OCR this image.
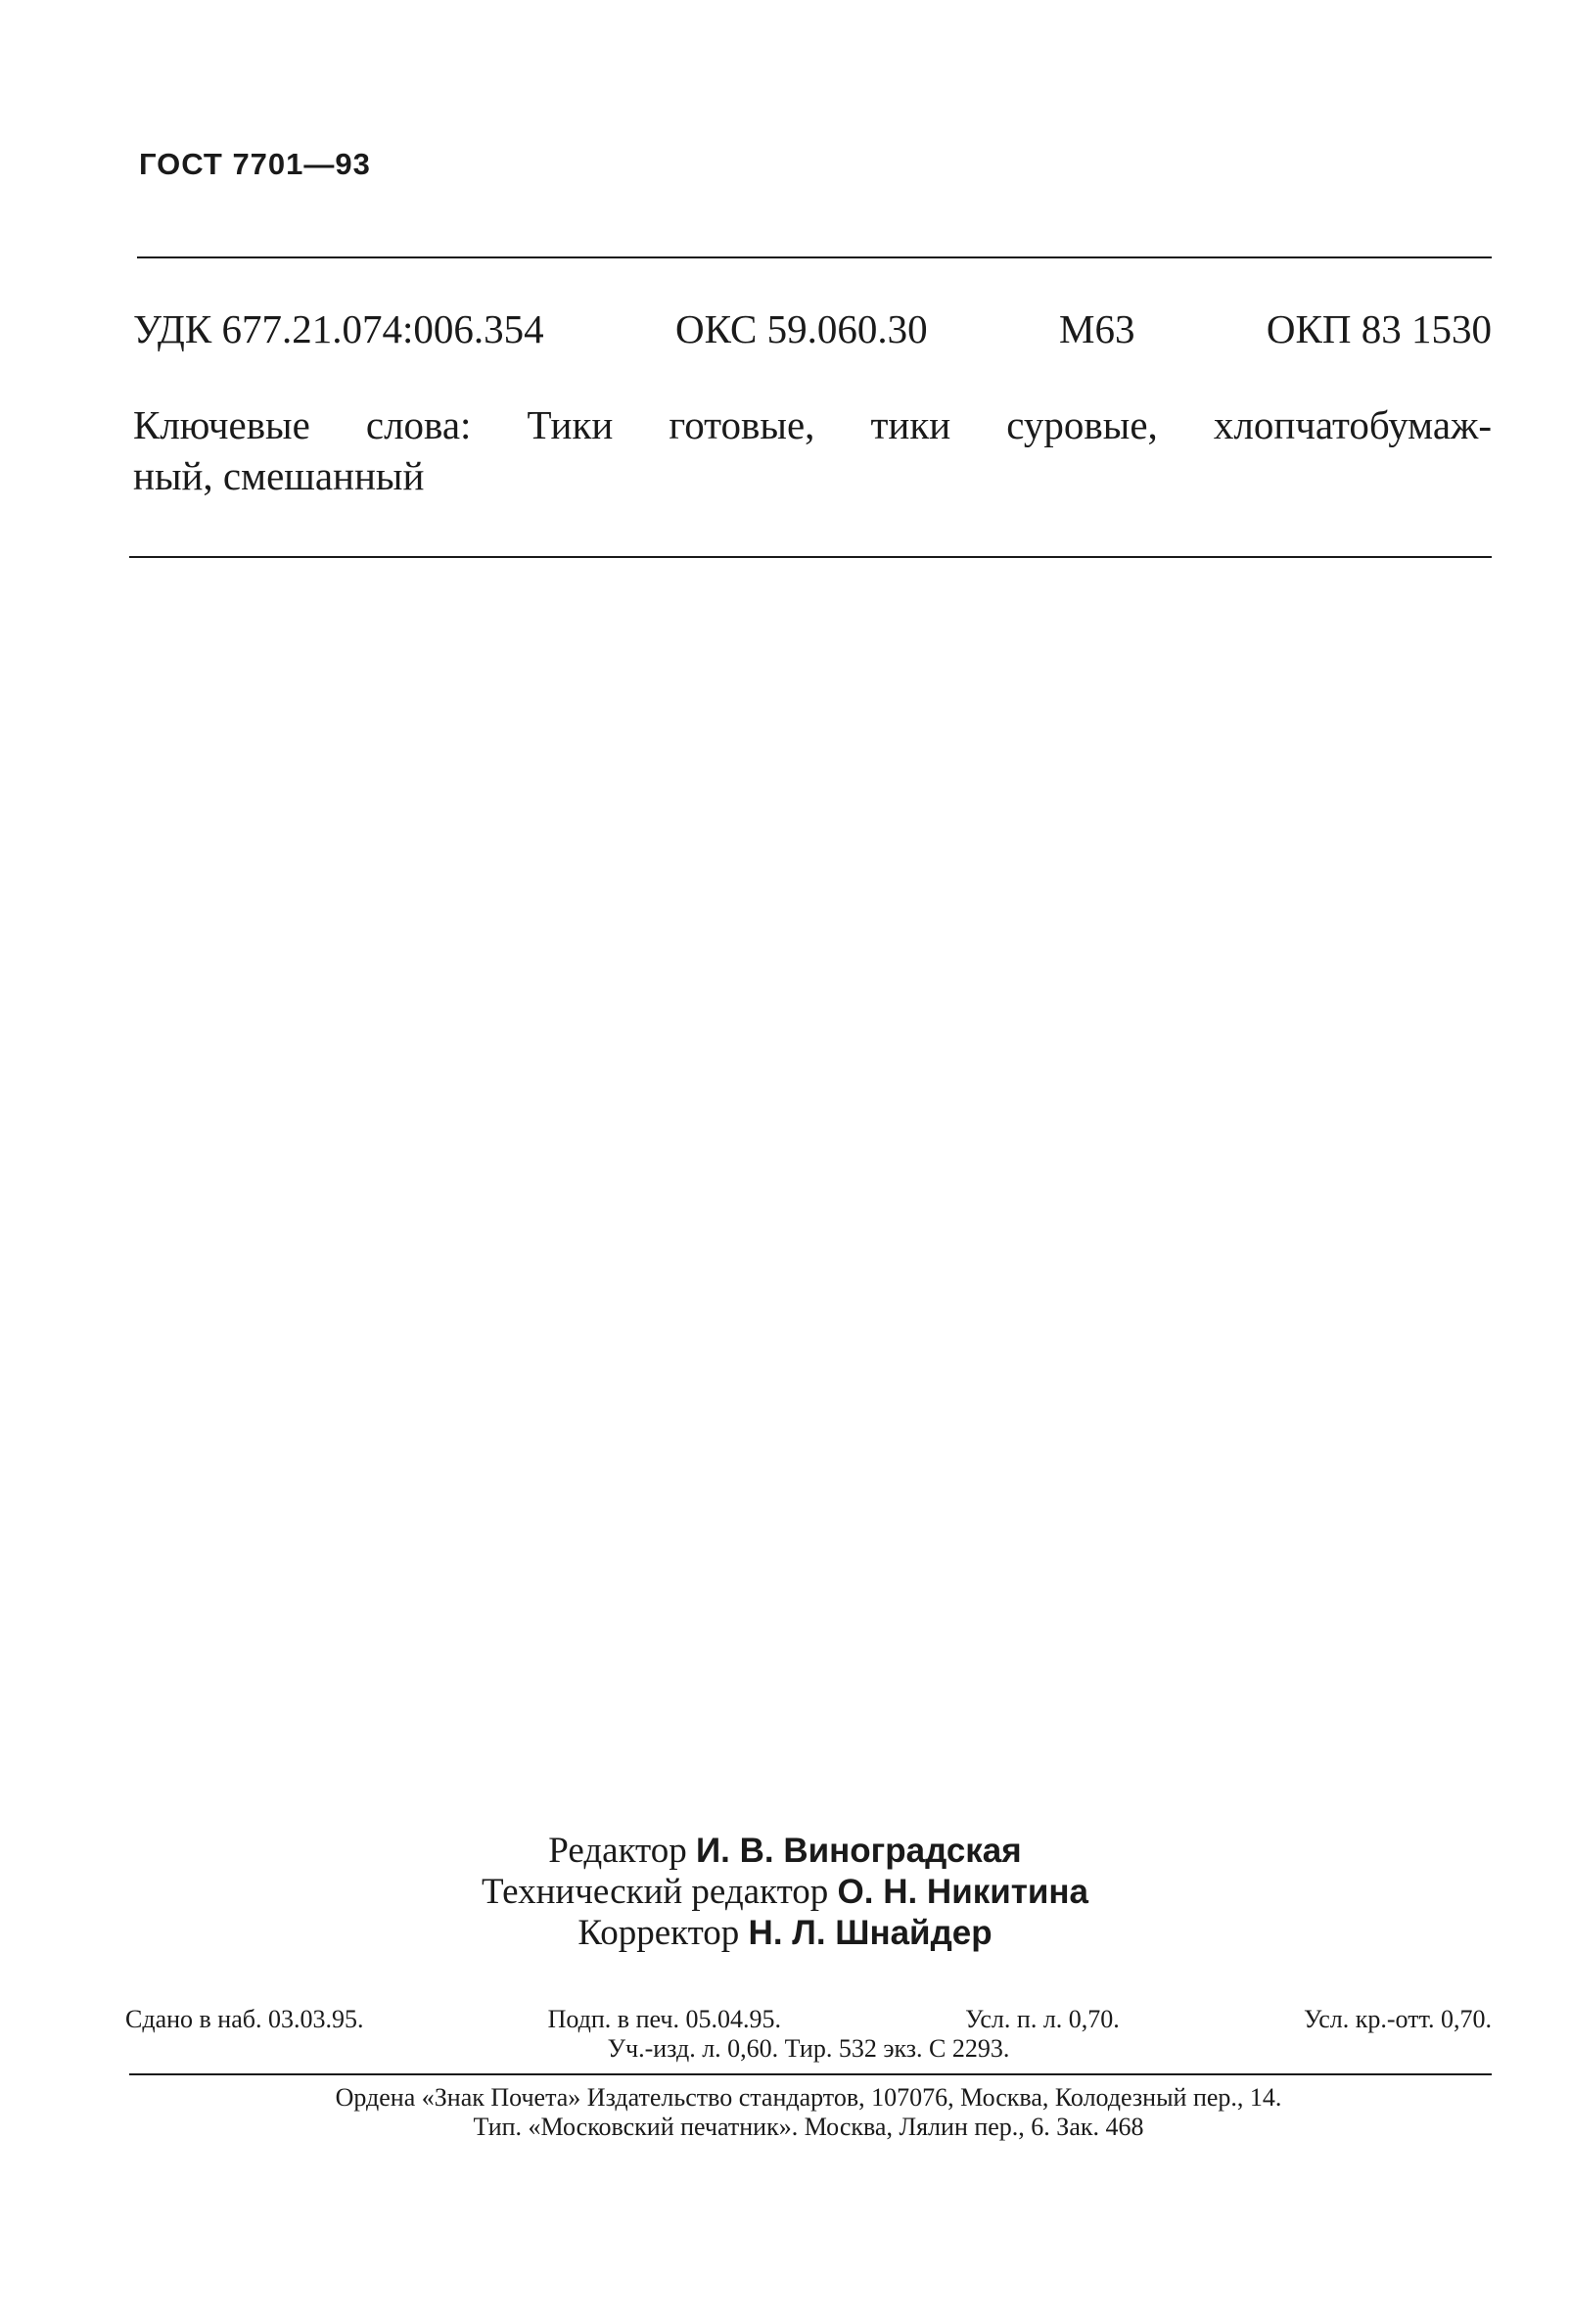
ГОСТ 7701—93
УДК 677.21.074:006.354	ОКС 59.060.30	М63	ОКП 83 1530
Ключевые слова: Тики готовые, тики суровые, хлопчатобумаж-
ный, смешанный
Редактор И. В. Виноградская
Технический редактор О. Н. Никитина
Корректор Н. Л. Шнайдер
Сдано в наб. 03.03.95.	Подп. в печ. 05.04.95.	Усл. п. л. 0,70.	Усл. кр.-отт. 0,70.
Уч.-изд. л. 0,60. Тир. 532 экз. С 2293.
Ордена «Знак Почета» Издательство стандартов, 107076, Москва, Колодезный пер., 14.
Тип. «Московский печатник». Москва, Лялин пер., 6. Зак. 468
